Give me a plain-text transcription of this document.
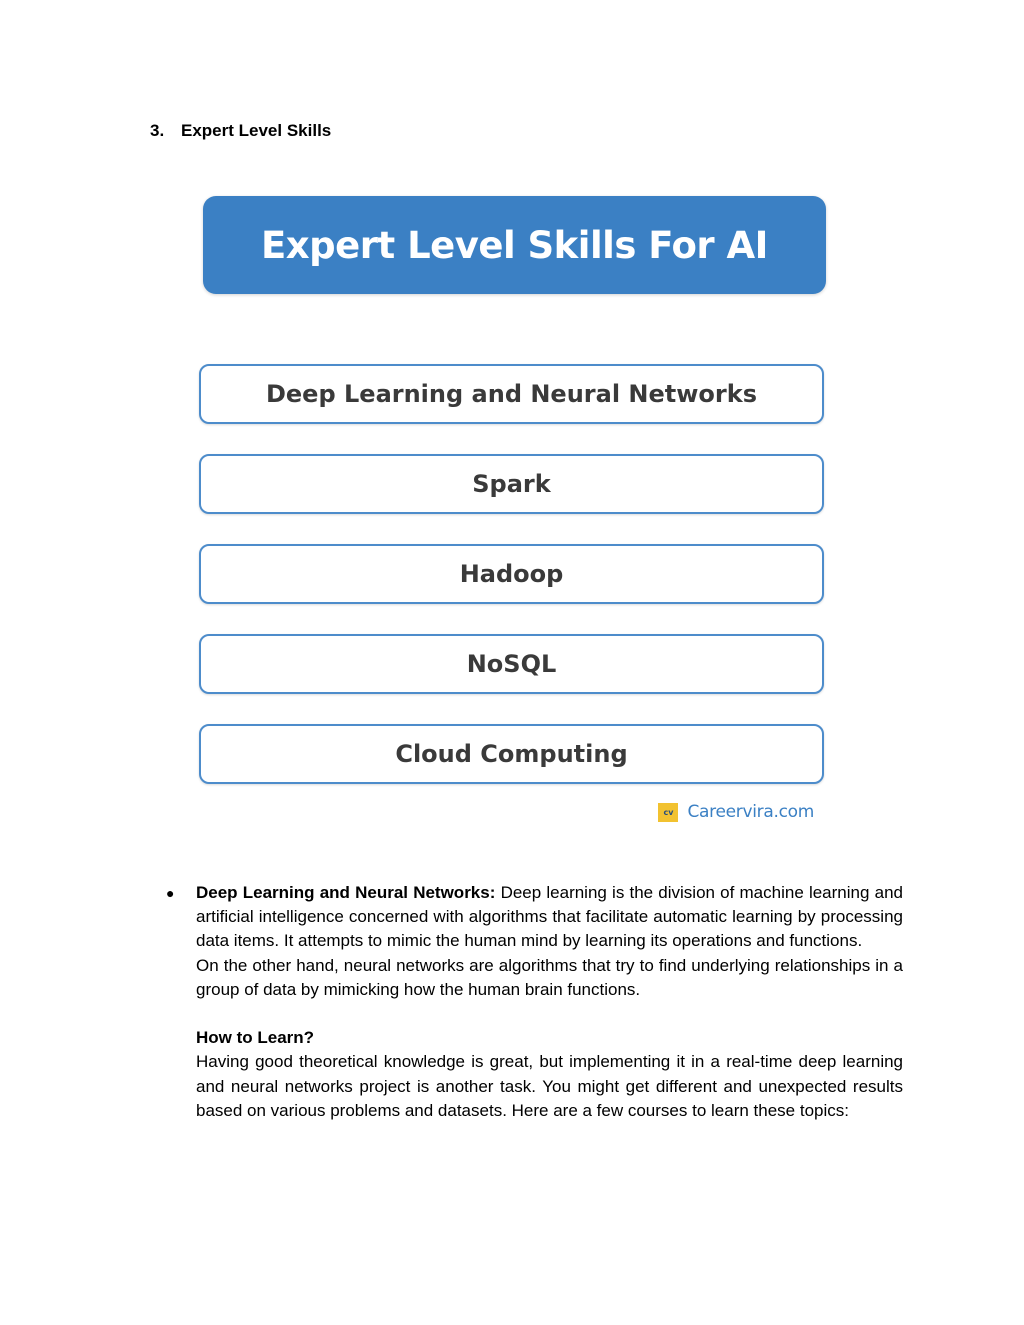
3. Expert Level Skills
Expert Level Skills For AI
Deep Learning and Neural Networks
Spark
Hadoop
NoSQL
Cloud Computing
cv Careervira.com
● Deep Learning and Neural Networks: Deep learning is the division of machine learning and artificial intelligence concerned with algorithms that facilitate automatic learning by processing data items. It attempts to mimic the human mind by learning its operations and functions.

On the other hand, neural networks are algorithms that try to find underlying relationships in a group of data by mimicking how the human brain functions.

How to Learn?

Having good theoretical knowledge is great, but implementing it in a real-time deep learning and neural networks project is another task. You might get different and unexpected results based on various problems and datasets. Here are a few courses to learn these topics:
